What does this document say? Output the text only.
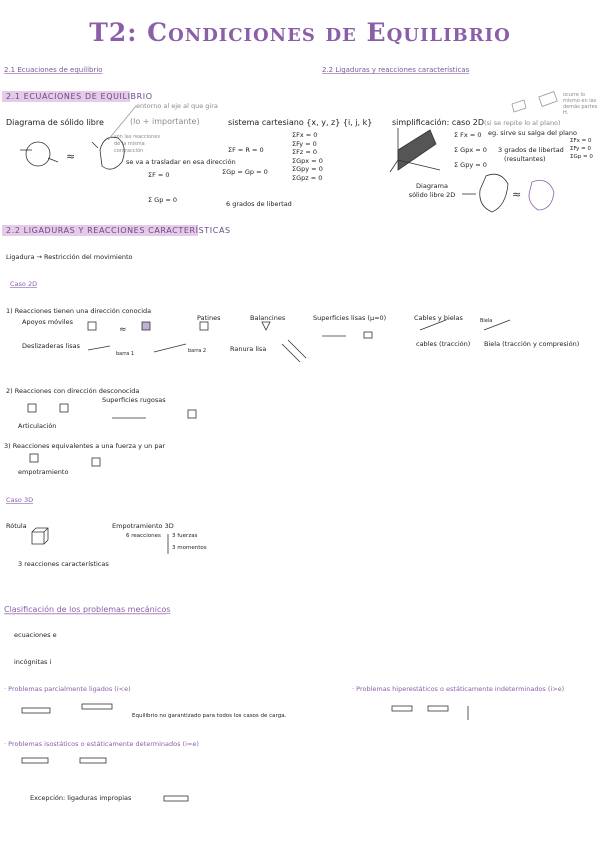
T2: Condiciones de Equilibrio
2.1 Ecuaciones de equilibrio	2.2 Ligaduras y reacciones características
2.1 ECUACIONES DE EQUILIBRIO
entorno al eje al que gira
Diagrama de sólido libre	(lo + importante)
son las reacciones de la misma contracción
sistema cartesiano {x, y, z} {i, j, k}
se va a trasladar en esa dirección
ΣF = 0
Σ Gp = 0
ΣF = R = 0
ΣGp = Gp = 0
ΣFx = 0
ΣFy = 0
ΣFz = 0
ΣGpx = 0
ΣGpy = 0
ΣGpz = 0
6 grados de libertad
simplificación: caso 2D (si se repite lo al plano)
eg. sirve su salga del plano
Σ Fx = 0
Σ Gpx = 0
Σ Gpy = 0
3 grados de libertad
(resultantes)
ΣFx = 0
ΣFy = 0
ΣGp = 0
Diagrama sólido libre 2D
ocurre lo mismo en las demás partes H.
2.2 LIGADURAS Y REACCIONES CARACTERÍSTICAS
Ligadura → Restricción del movimiento
Caso 2D
1) Reacciones tienen una dirección conocida
Apoyos móviles	Patines	Balancines	Superficies lisas (μ=0)	Cables y bielas
Deslizaderas lisas
barra 1	barra 2	Ranura lisa
cables (tracción) Biela (tracción y compresión)
Biela
2) Reacciones con dirección desconocida
Superficies rugosas
Articulación
3) Reacciones equivalentes a una fuerza y un par
empotramiento
Caso 3D
Rótula
3 reacciones características
Empotramiento 3D
6 reacciones 3 fuerzas
3 momentos
Clasificación de los problemas mecánicos
ecuaciones e
incógnitas i
· Problemas parcialmente ligados (i<e)
Equilibrio no garantizado para todos los casos de carga.
· Problemas hiperestáticos o estáticamente indeterminados (i>e)
· Problemas isostáticos o estáticamente determinados (i=e)
Excepción: ligaduras impropias
≈
≈
≈
